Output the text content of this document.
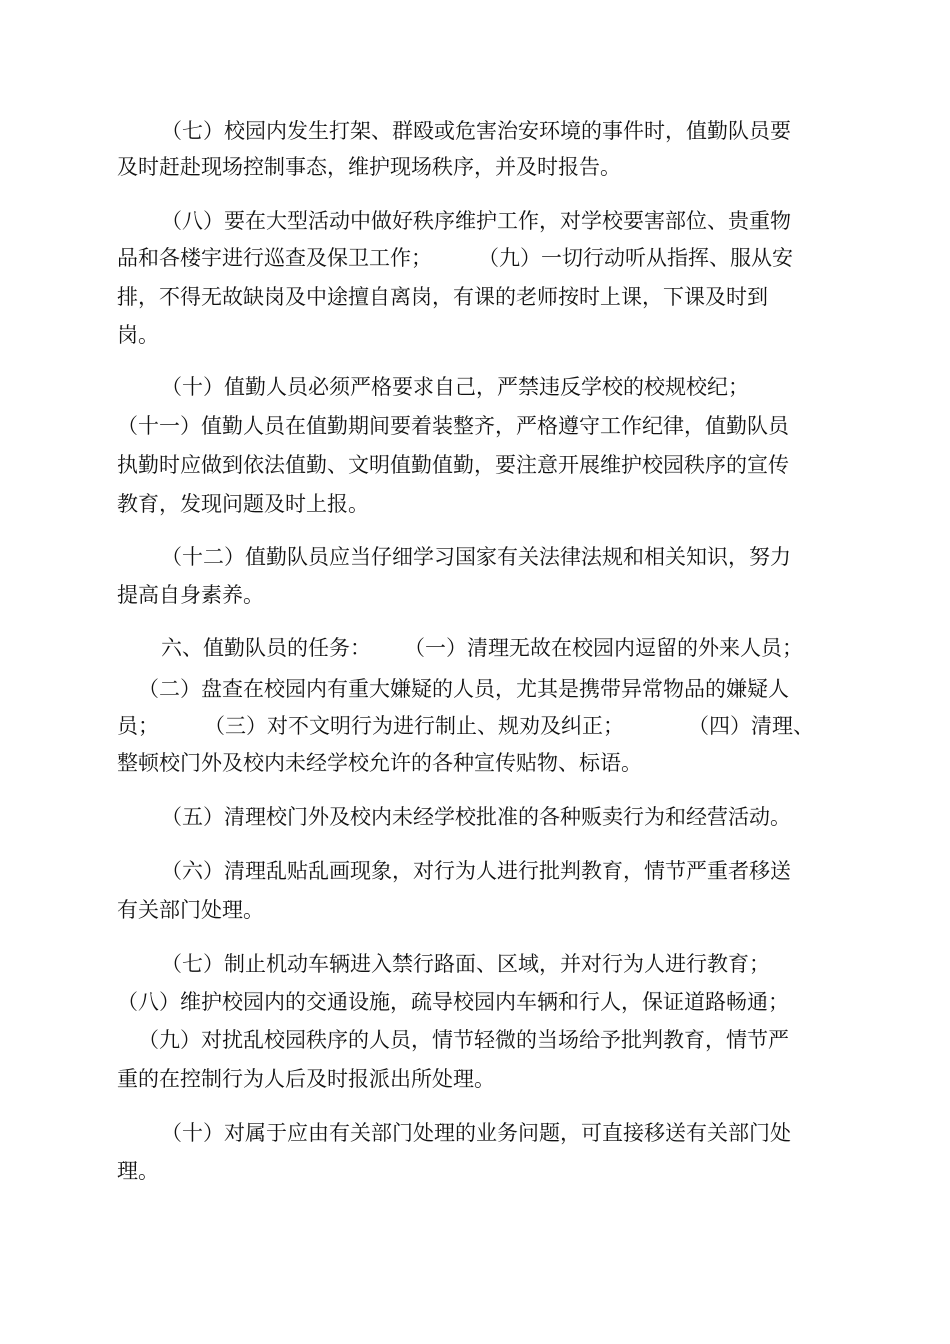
（七）校园内发生打架、群殴或危害治安环境的事件时，值勤队员要
及时赶赴现场控制事态，维护现场秩序，并及时报告。
（八）要在大型活动中做好秩序维护工作，对学校要害部位、贵重物
品和各楼宇进行巡查及保卫工作； （九）一切行动听从指挥、服从安
排，不得无故缺岗及中途擅自离岗，有课的老师按时上课，下课及时到
岗。
（十）值勤人员必须严格要求自己，严禁违反学校的校规校纪；
（十一）值勤人员在值勤期间要着装整齐，严格遵守工作纪律，值勤队员
执勤时应做到依法值勤、文明值勤值勤，要注意开展维护校园秩序的宣传
教育，发现问题及时上报。
（十二）值勤队员应当仔细学习国家有关法律法规和相关知识，努力
提高自身素养。
六、值勤队员的任务： （一）清理无故在校园内逗留的外来人员；
（二）盘查在校园内有重大嫌疑的人员，尤其是携带异常物品的嫌疑人
员； （三）对不文明行为进行制止、规劝及纠正；	（四）清理、
整顿校门外及校内未经学校允许的各种宣传贴物、标语。
（五）清理校门外及校内未经学校批准的各种贩卖行为和经营活动。
（六）清理乱贴乱画现象，对行为人进行批判教育，情节严重者移送
有关部门处理。
（七）制止机动车辆进入禁行路面、区域，并对行为人进行教育；
（八）维护校园内的交通设施，疏导校园内车辆和行人，保证道路畅通；
（九）对扰乱校园秩序的人员，情节轻微的当场给予批判教育，情节严
重的在控制行为人后及时报派出所处理。
（十）对属于应由有关部门处理的业务问题，可直接移送有关部门处
理。
